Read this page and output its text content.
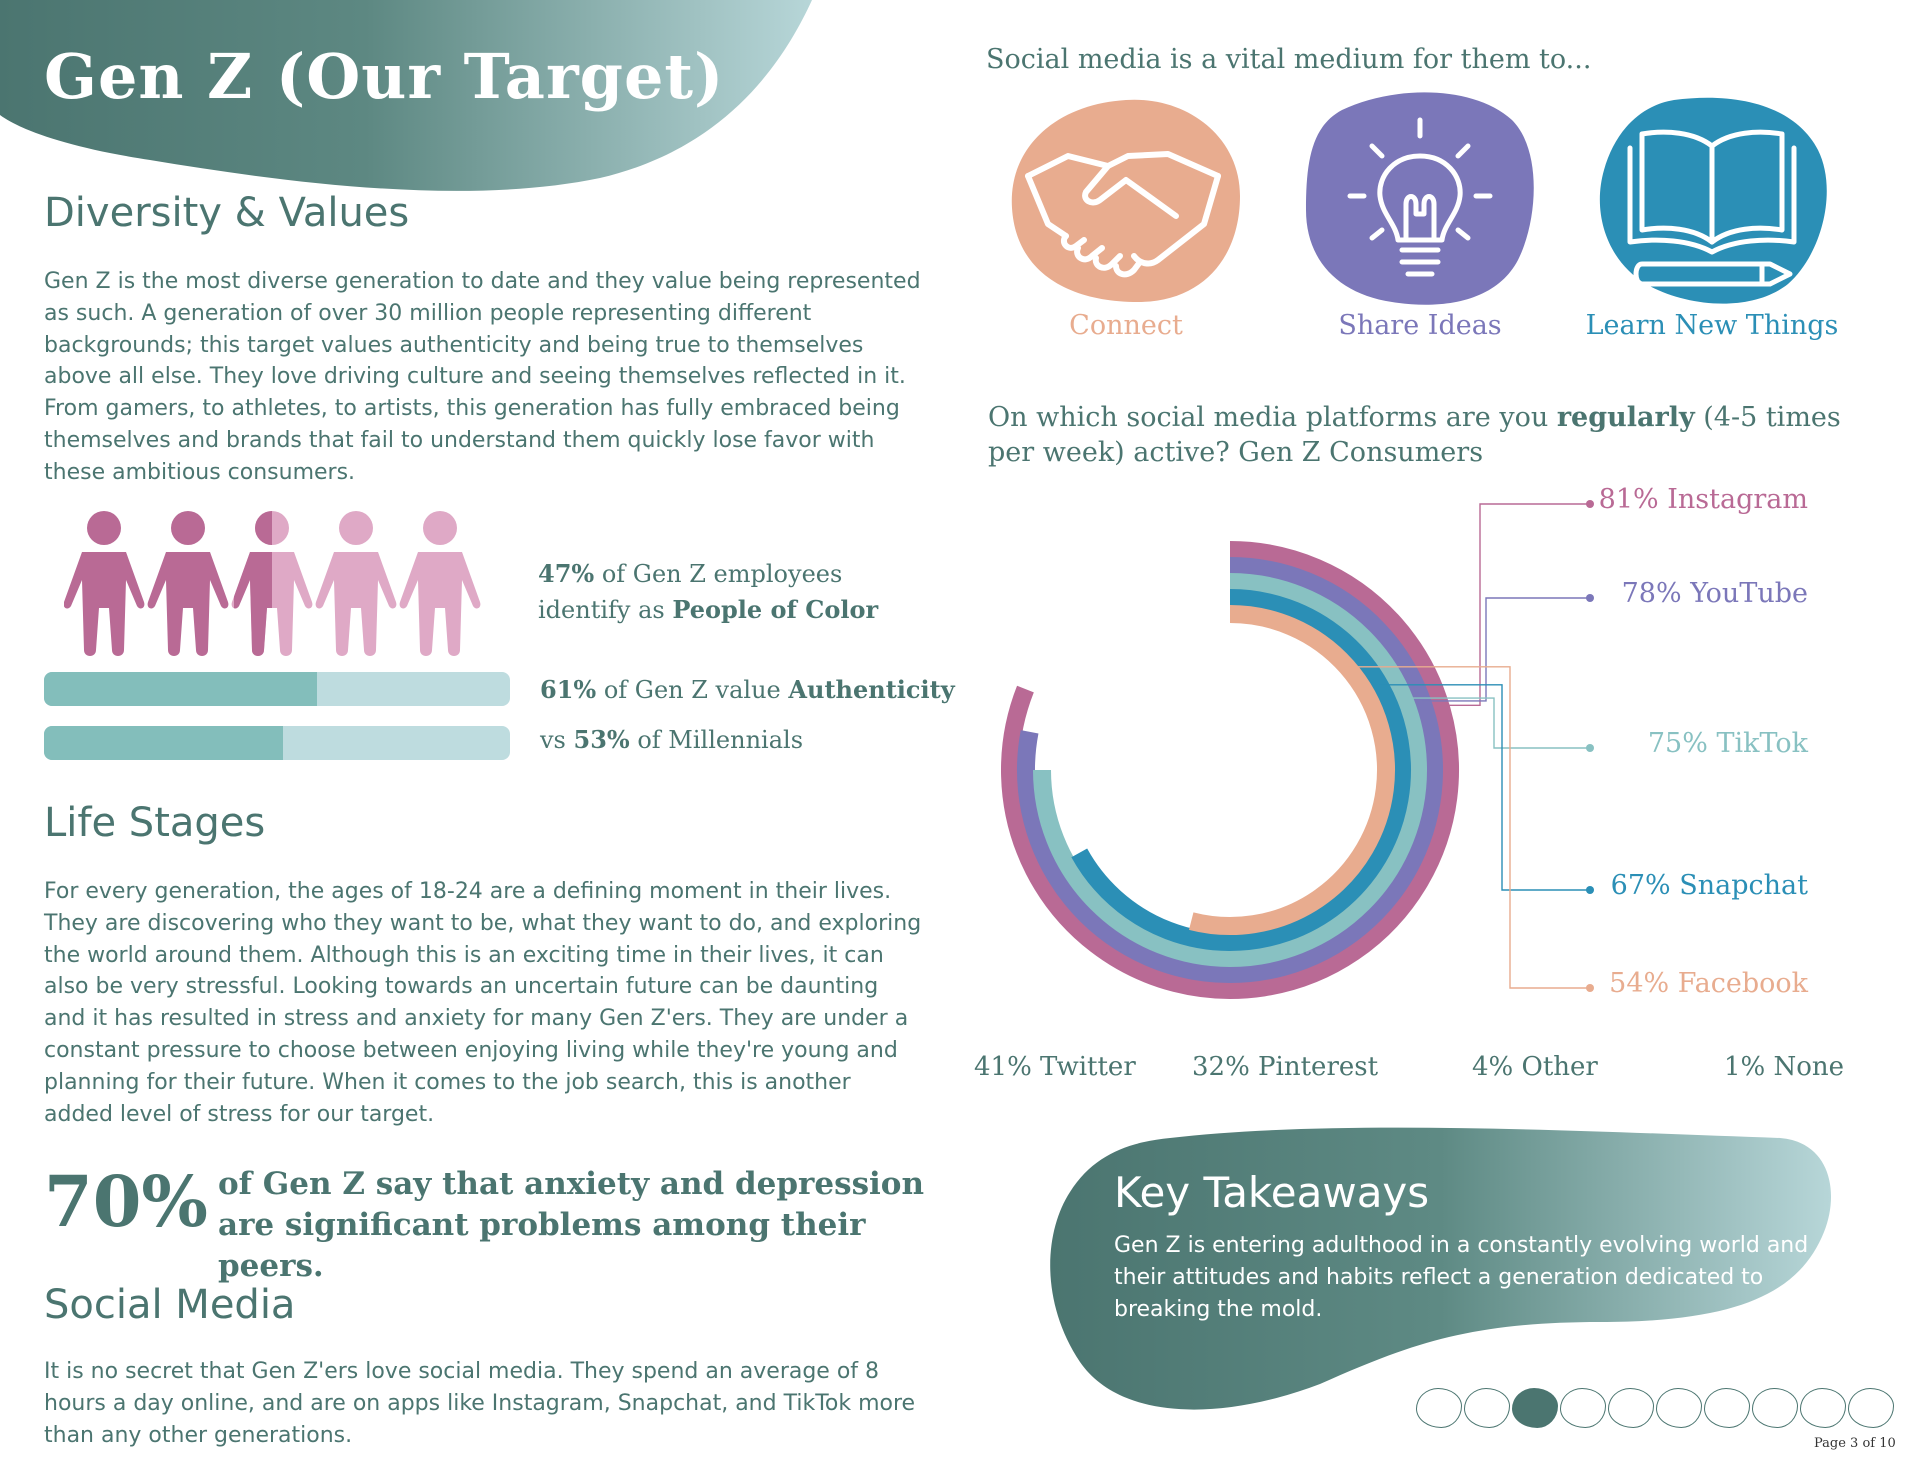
Gen Z (Our Target)
Diversity & Values
Gen Z is the most diverse generation to date and they value being represented as such. A generation of over 30 million people representing different backgrounds; this target values authenticity and being true to themselves above all else. They love driving culture and seeing themselves reflected in it. From gamers, to athletes, to artists, this generation has fully embraced being themselves and brands that fail to understand them quickly lose favor with these ambitious consumers.
47% of Gen Z employees
identify as People of Color
61% of Gen Z value Authenticity
vs 53% of Millennials
Life Stages
For every generation, the ages of 18-24 are a defining moment in their lives. They are discovering who they want to be, what they want to do, and exploring the world around them. Although this is an exciting time in their lives, it can also be very stressful. Looking towards an uncertain future can be daunting and it has resulted in stress and anxiety for many Gen Z'ers. They are under a constant pressure to choose between enjoying living while they're young and planning for their future. When it comes to the job search, this is another added level of stress for our target.
70% of Gen Z say that anxiety and depression are significant problems among their peers.
Social Media
It is no secret that Gen Z'ers love social media. They spend an average of 8 hours a day online, and are on apps like Instagram, Snapchat, and TikTok more than any other generations.
Social media is a vital medium for them to...
Connect	Share Ideas	Learn New Things
On which social media platforms are you regularly (4-5 times per week) active? Gen Z Consumers
81% Instagram
78% YouTube
75% TikTok
67% Snapchat
54% Facebook
41% Twitter 32% Pinterest	4% Other	1% None
Key Takeaways
Gen Z is entering adulthood in a constantly evolving world and their attitudes and habits reflect a generation dedicated to breaking the mold.
Page 3 of 10
